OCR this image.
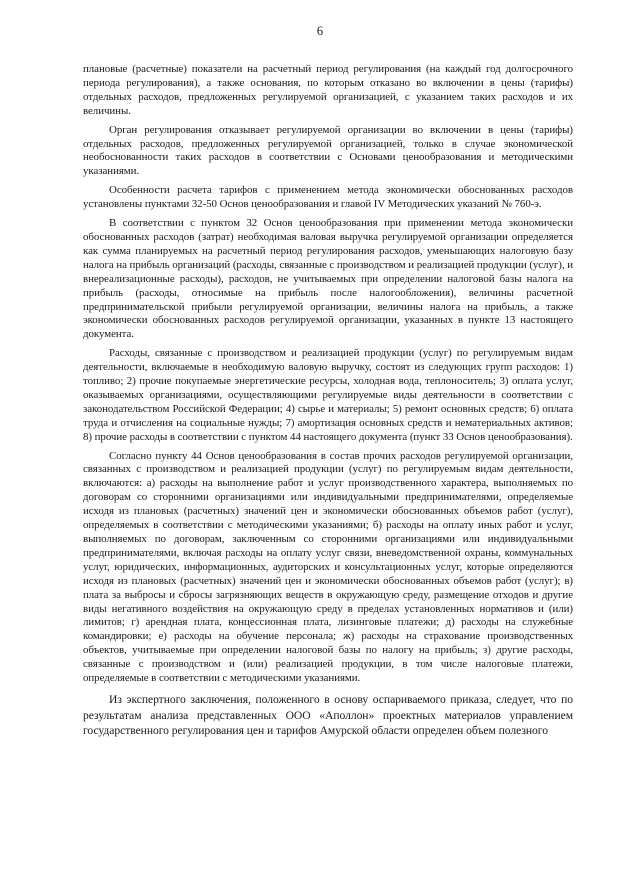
6

плановые (расчетные) показатели на расчетный период регулирования (на каждый год долгосрочного периода регулирования), а также основания, по которым отказано во включении в цены (тарифы) отдельных расходов, предложенных регулируемой организацией, с указанием таких расходов и их величины.

Орган регулирования отказывает регулируемой организации во включении в цены (тарифы) отдельных расходов, предложенных регулируемой организацией, только в случае экономической необоснованности таких расходов в соответствии с Основами ценообразования и методическими указаниями.

Особенности расчета тарифов с применением метода экономически обоснованных расходов установлены пунктами 32-50 Основ ценообразования и главой IV Методических указаний № 760-э.

В соответствии с пунктом 32 Основ ценообразования при применении метода экономически обоснованных расходов (затрат) необходимая валовая выручка регулируемой организации определяется как сумма планируемых на расчетный период регулирования расходов, уменьшающих налоговую базу налога на прибыль организаций (расходы, связанные с производством и реализацией продукции (услуг), и внереализационные расходы), расходов, не учитываемых при определении налоговой базы налога на прибыль (расходы, относимые на прибыль после налогообложения), величины расчетной предпринимательской прибыли регулируемой организации, величины налога на прибыль, а также экономически обоснованных расходов регулируемой организации, указанных в пункте 13 настоящего документа.

Расходы, связанные с производством и реализацией продукции (услуг) по регулируемым видам деятельности, включаемые в необходимую валовую выручку, состоят из следующих групп расходов: 1) топливо; 2) прочие покупаемые энергетические ресурсы, холодная вода, теплоноситель; 3) оплата услуг, оказываемых организациями, осуществляющими регулируемые виды деятельности в соответствии с законодательством Российской Федерации; 4) сырье и материалы; 5) ремонт основных средств; 6) оплата труда и отчисления на социальные нужды; 7) амортизация основных средств и нематериальных активов; 8) прочие расходы в соответствии с пунктом 44 настоящего документа (пункт 33 Основ ценообразования).

Согласно пункту 44 Основ ценообразования в состав прочих расходов регулируемой организации, связанных с производством и реализацией продукции (услуг) по регулируемым видам деятельности, включаются: а) расходы на выполнение работ и услуг производственного характера, выполняемых по договорам со сторонними организациями или индивидуальными предпринимателями, определяемые исходя из плановых (расчетных) значений цен и экономически обоснованных объемов работ (услуг), определяемых в соответствии с методическими указаниями; б) расходы на оплату иных работ и услуг, выполняемых по договорам, заключенным со сторонними организациями или индивидуальными предпринимателями, включая расходы на оплату услуг связи, вневедомственной охраны, коммунальных услуг, юридических, информационных, аудиторских и консультационных услуг, которые определяются исходя из плановых (расчетных) значений цен и экономически обоснованных объемов работ (услуг); в) плата за выбросы и сбросы загрязняющих веществ в окружающую среду, размещение отходов и другие виды негативного воздействия на окружающую среду в пределах установленных нормативов и (или) лимитов; г) арендная плата, концессионная плата, лизинговые платежи; д) расходы на служебные командировки; е) расходы на обучение персонала; ж) расходы на страхование производственных объектов, учитываемые при определении налоговой базы по налогу на прибыль; з) другие расходы, связанные с производством и (или) реализацией продукции, в том числе налоговые платежи, определяемые в соответствии с методическими указаниями.

Из экспертного заключения, положенного в основу оспариваемого приказа, следует, что по результатам анализа представленных ООО «Аполлон» проектных материалов управлением государственного регулирования цен и тарифов Амурской области определен объем полезного
